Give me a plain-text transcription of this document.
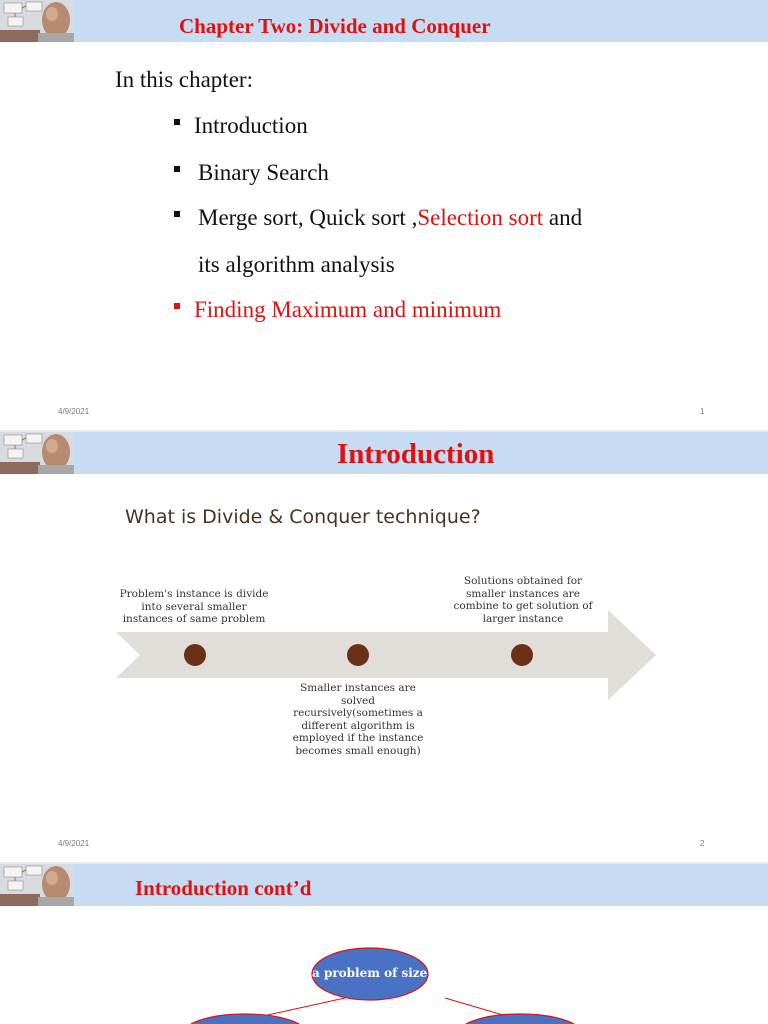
Chapter Two: Divide and Conquer
In this chapter:
Introduction
Binary Search
Merge sort, Quick sort ,Selection sort and
its algorithm analysis
Finding Maximum and minimum
4/9/2021	1
Introduction
What is Divide & Conquer technique?
Problem's instance is divide into several smaller instances of same problem
Smaller instances are solved recursively(sometimes a different algorithm is employed if the instance becomes small enough)
Solutions obtained for smaller instances are combine to get solution of larger instance
4/9/2021	2
Introduction cont’d
a problem of size n
